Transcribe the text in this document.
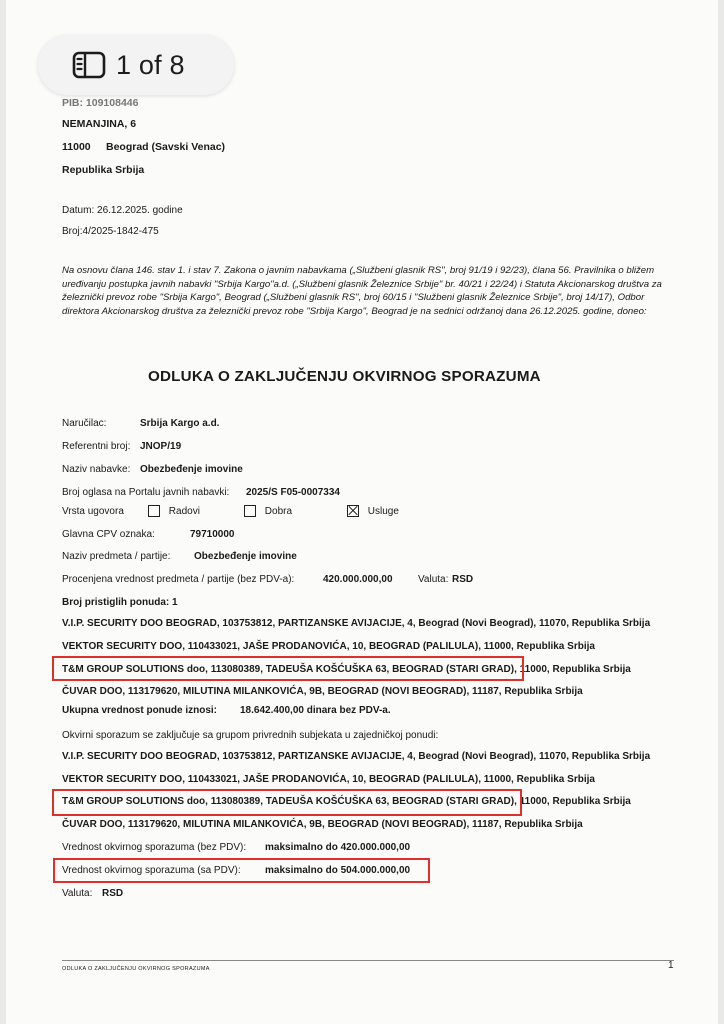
PIB: 109108446
NEMANJINA, 6
11000 Beograd (Savski Venac)
Republika Srbija
Datum: 26.12.2025. godine
Broj:4/2025-1842-475
Na osnovu člana 146. stav 1. i stav 7. Zakona o javnim nabavkama („Službeni glasnik RS", broj 91/19 i 92/23), člana 56. Pravilnika o bližem uređivanju postupka javnih nabavki "Srbija Kargo"a.d. („Službeni glasnik Železnice Srbije" br. 40/21 i 22/24) i Statuta Akcionarskog društva za železnički prevoz robe "Srbija Kargo", Beograd („Službeni glasnik RS", broj 60/15 i "Službeni glasnik Železnice Srbije", broj 14/17), Odbor direktora Akcionarskog društva za železnički prevoz robe "Srbija Kargo", Beograd je na sednici održanoj dana 26.12.2025. godine, doneo:
ODLUKA O ZAKLJUČENJU OKVIRNOG SPORAZUMA
Naručilac:	Srbija Kargo a.d.
Referentni broj: JNOP/19
Naziv nabavke: Obezbeđenje imovine
Broj oglasa na Portalu javnih nabavki: 2025/S F05-0007334
Vrsta ugovora	Radovi	Dobra	Usluge
Glavna CPV oznaka:	79710000
Naziv predmeta / partije: Obezbeđenje imovine
Procenjena vrednost predmeta / partije (bez PDV-a):	420.000.000,00	Valuta: RSD
Broj pristiglih ponuda: 1
V.I.P. SECURITY DOO BEOGRAD, 103753812, PARTIZANSKE AVIJACIJE, 4, Beograd (Novi Beograd), 11070, Republika Srbija
VEKTOR SECURITY DOO, 110433021, JAŠE PRODANOVIĆA, 10, BEOGRAD (PALILULA), 11000, Republika Srbija
T&M GROUP SOLUTIONS doo, 113080389, TADEUŠA KOŠĆUŠKA 63, BEOGRAD (STARI GRAD), 11000, Republika Srbija
ČUVAR DOO, 113179620, MILUTINA MILANKOVIĆA, 9B, BEOGRAD (NOVI BEOGRAD), 11187, Republika Srbija
Ukupna vrednost ponude iznosi: 18.642.400,00 dinara bez PDV-a.
Okvirni sporazum se zaključuje sa grupom privrednih subjekata u zajedničkoj ponudi:
V.I.P. SECURITY DOO BEOGRAD, 103753812, PARTIZANSKE AVIJACIJE, 4, Beograd (Novi Beograd), 11070, Republika Srbija
VEKTOR SECURITY DOO, 110433021, JAŠE PRODANOVIĆA, 10, BEOGRAD (PALILULA), 11000, Republika Srbija
T&M GROUP SOLUTIONS doo, 113080389, TADEUŠA KOŠĆUŠKA 63, BEOGRAD (STARI GRAD), 11000, Republika Srbija
ČUVAR DOO, 113179620, MILUTINA MILANKOVIĆA, 9B, BEOGRAD (NOVI BEOGRAD), 11187, Republika Srbija
Vrednost okvirnog sporazuma (bez PDV): maksimalno do 420.000.000,00
Vrednost okvirnog sporazuma (sa PDV): maksimalno do 504.000.000,00
Valuta: RSD
ODLUKA O ZAKLJUČENJU OKVIRNOG SPORAZUMA	1
1 of 8
